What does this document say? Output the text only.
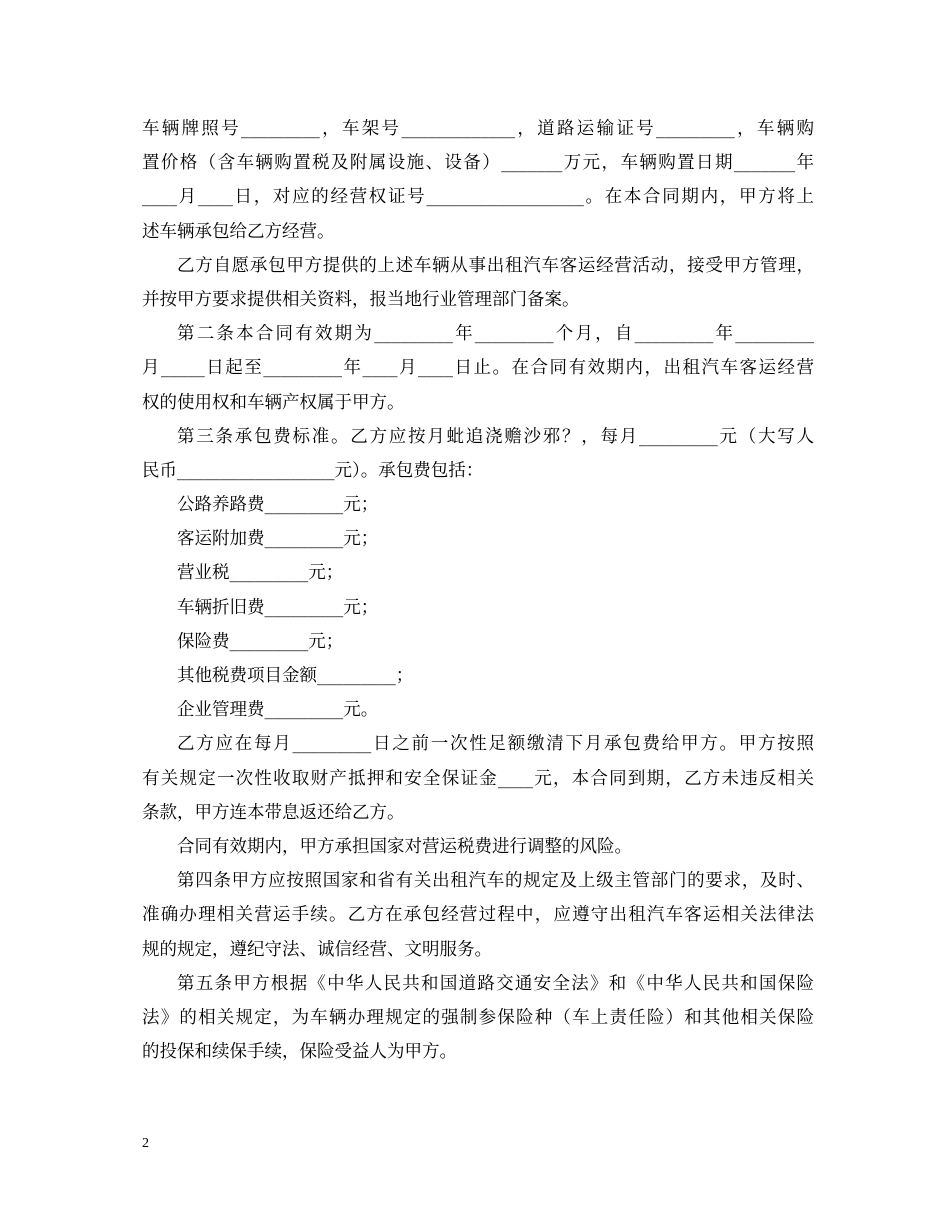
车辆牌照号_________，车架号_____________，道路运输证号_________，车辆购
置价格（含车辆购置税及附属设施、设备）_______万元，车辆购置日期_______年
____月____日，对应的经营权证号__________________。在本合同期内，甲方将上
述车辆承包给乙方经营。
乙方自愿承包甲方提供的上述车辆从事出租汽车客运经营活动，接受甲方管理，
并按甲方要求提供相关资料，报当地行业管理部门备案。
第二条本合同有效期为_________年_________个月，自_________年_________
月_____日起至_________年____月____日止。在合同有效期内，出租汽车客运经营
权的使用权和车辆产权属于甲方。
第三条承包费标准。乙方应按月蚍追浇赡沙邪？，每月_________元（大写人
民币__________________元）。承包费包括：
公路养路费_________元；
客运附加费_________元；
营业税_________元；
车辆折旧费_________元；
保险费_________元；
其他税费项目金额_________；
企业管理费_________元。
乙方应在每月_________日之前一次性足额缴清下月承包费给甲方。甲方按照
有关规定一次性收取财产抵押和安全保证金____元，本合同到期，乙方未违反相关
条款，甲方连本带息返还给乙方。
合同有效期内，甲方承担国家对营运税费进行调整的风险。
第四条甲方应按照国家和省有关出租汽车的规定及上级主管部门的要求，及时、
准确办理相关营运手续。乙方在承包经营过程中，应遵守出租汽车客运相关法律法
规的规定，遵纪守法、诚信经营、文明服务。
第五条甲方根据《中华人民共和国道路交通安全法》和《中华人民共和国保险
法》的相关规定，为车辆办理规定的强制参保险种（车上责任险）和其他相关保险
的投保和续保手续，保险受益人为甲方。
2
